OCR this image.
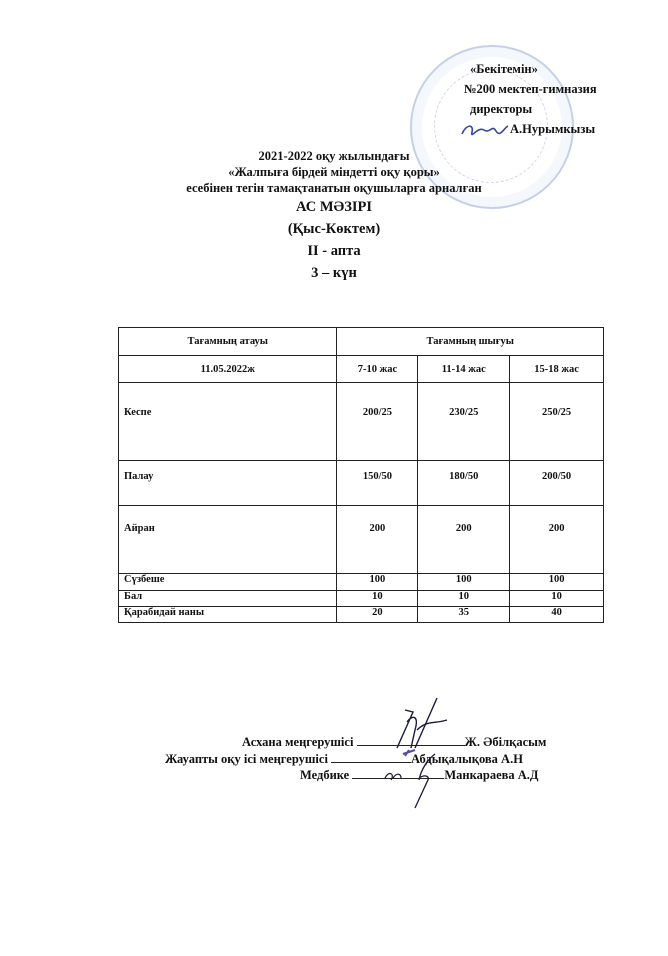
«Бекітемін»
№200 мектеп-гимназия
директоры
А.Нурымкызы
2021-2022 оқу жылындағы
«Жалпыға бірдей міндетті оқу қоры»
есебінен тегін тамақтанатын оқушыларға арналған
АС МӘЗІРІ
(Қыс-Көктем)
ІІ - апта
3 – күн
Тағамның атауы	Тағамның шығуы		
11.05.2022ж	7-10 жас	11-14 жас	15-18 жас
Кеспе	200/25	230/25	250/25
Палау	150/50	180/50	200/50
Айран	200	200	200
Сүзбеше	100	100	100
Бал	10	10	10
Қарабидай наны	20	35	40
Асхана меңгерушісі	Ж. Әбілқасым
Жауапты оқу ісі меңгерушісі	Абдықалықова А.Н
Медбике	Манкараева А.Д
